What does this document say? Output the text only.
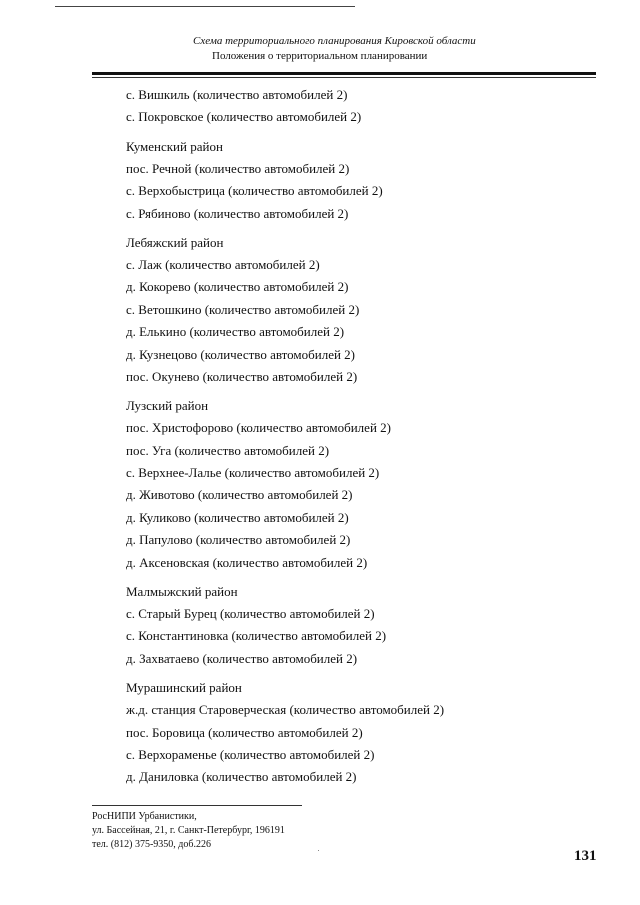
Схема территориального планирования Кировской области
Положения о территориальном планировании
с. Вишкиль (количество автомобилей 2)
с. Покровское (количество автомобилей 2)
Куменский район
пос. Речной (количество автомобилей 2)
с. Верхобыстрица (количество автомобилей 2)
с. Рябиново (количество автомобилей 2)
Лебяжский район
с. Лаж (количество автомобилей 2)
д. Кокорево (количество автомобилей 2)
с. Ветошкино (количество автомобилей 2)
д. Елькино (количество автомобилей 2)
д. Кузнецово (количество автомобилей 2)
пос. Окунево (количество автомобилей 2)
Лузский район
пос. Христофорово (количество автомобилей 2)
пос. Уга (количество автомобилей 2)
с. Верхнее-Лалье (количество автомобилей 2)
д. Животово (количество автомобилей 2)
д. Куликово (количество автомобилей 2)
д. Папулово (количество автомобилей 2)
д. Аксеновская (количество автомобилей 2)
Малмыжский район
с. Старый Бурец (количество автомобилей 2)
с. Константиновка (количество автомобилей 2)
д. Захватаево (количество автомобилей 2)
Мурашинский район
ж.д. станция Староверческая (количество автомобилей 2)
пос. Боровица (количество автомобилей 2)
с. Верхораменье (количество автомобилей 2)
д. Даниловка (количество автомобилей 2)
РосНИПИ Урбанистики,
ул. Бассейная, 21, г. Санкт-Петербург, 196191
тел. (812) 375-9350, доб.226
131
